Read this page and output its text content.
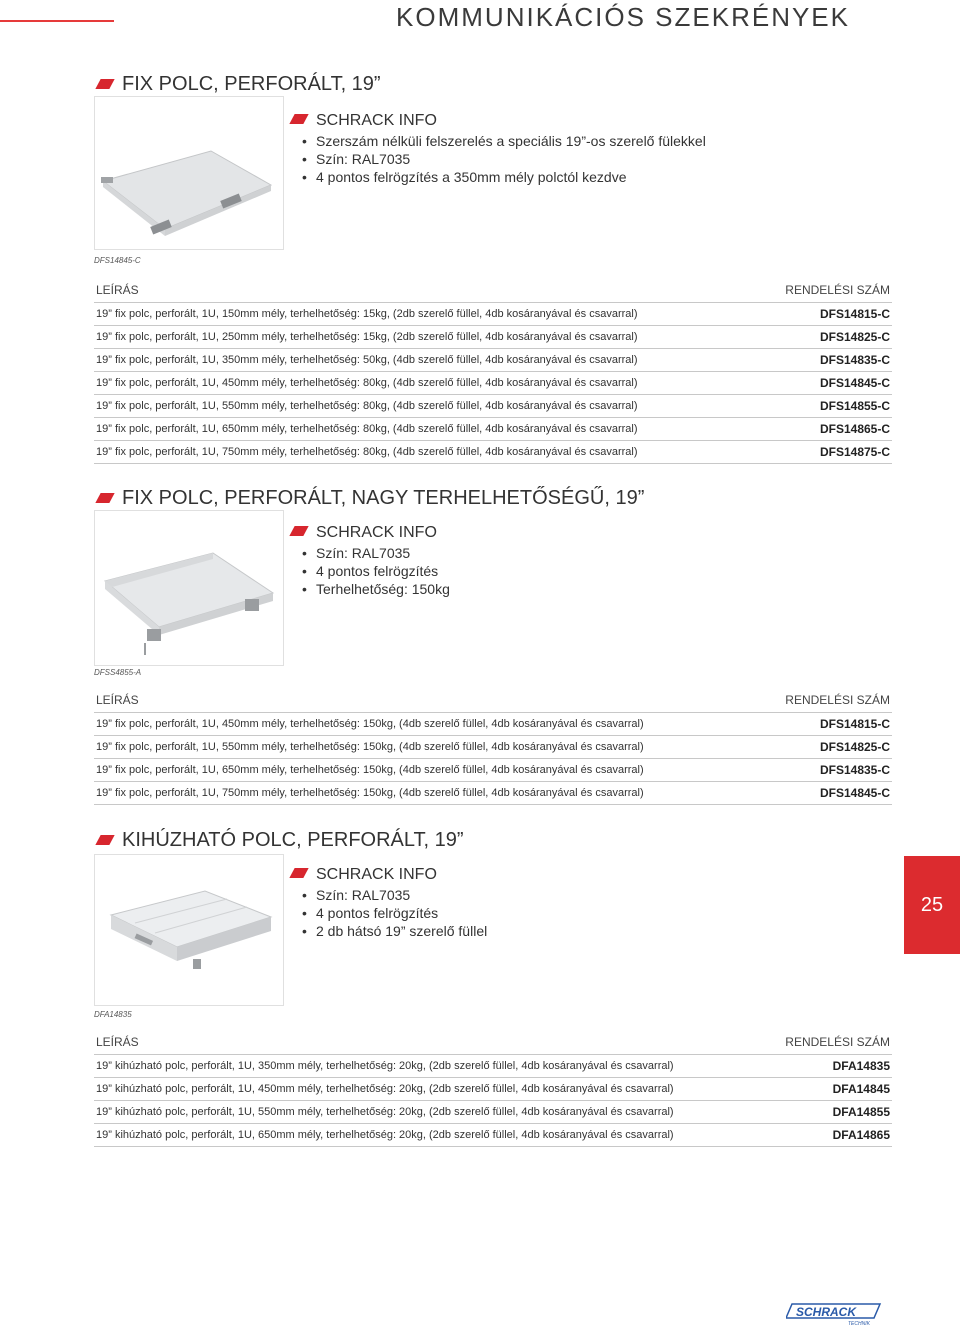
KOMMUNIKÁCIÓS SZEKRÉNYEK
FIX POLC, PERFORÁLT, 19”
SCHRACK INFO
• Szerszám nélküli felszerelés a speciális 19”-os szerelő fülekkel
• Szín: RAL7035
• 4 pontos felrögzítés a 350mm mély polctól kezdve
DFS14845-C
LEÍRÁS	RENDELÉSI SZÁM
19” fix polc, perforált, 1U, 150mm mély, terhelhetőség: 15kg, (2db szerelő füllel, 4db kosáranyával és csavarral)	DFS14815-C
19” fix polc, perforált, 1U, 250mm mély, terhelhetőség: 15kg, (2db szerelő füllel, 4db kosáranyával és csavarral)	DFS14825-C
19” fix polc, perforált, 1U, 350mm mély, terhelhetőség: 50kg, (4db szerelő füllel, 4db kosáranyával és csavarral)	DFS14835-C
19” fix polc, perforált, 1U, 450mm mély, terhelhetőség: 80kg, (4db szerelő füllel, 4db kosáranyával és csavarral)	DFS14845-C
19” fix polc, perforált, 1U, 550mm mély, terhelhetőség: 80kg, (4db szerelő füllel, 4db kosáranyával és csavarral)	DFS14855-C
19” fix polc, perforált, 1U, 650mm mély, terhelhetőség: 80kg, (4db szerelő füllel, 4db kosáranyával és csavarral)	DFS14865-C
19” fix polc, perforált, 1U, 750mm mély, terhelhetőség: 80kg, (4db szerelő füllel, 4db kosáranyával és csavarral)	DFS14875-C
FIX POLC, PERFORÁLT, NAGY TERHELHETŐSÉGŰ, 19”
SCHRACK INFO
• Szín: RAL7035
• 4 pontos felrögzítés
• Terhelhetőség: 150kg
DFSS4855-A
LEÍRÁS	RENDELÉSI SZÁM
19” fix polc, perforált, 1U, 450mm mély, terhelhetőség: 150kg, (4db szerelő füllel, 4db kosáranyával és csavarral)	DFS14815-C
19” fix polc, perforált, 1U, 550mm mély, terhelhetőség: 150kg, (4db szerelő füllel, 4db kosáranyával és csavarral)	DFS14825-C
19” fix polc, perforált, 1U, 650mm mély, terhelhetőség: 150kg, (4db szerelő füllel, 4db kosáranyával és csavarral)	DFS14835-C
19” fix polc, perforált, 1U, 750mm mély, terhelhetőség: 150kg, (4db szerelő füllel, 4db kosáranyával és csavarral)	DFS14845-C
KIHÚZHATÓ POLC, PERFORÁLT, 19”
SCHRACK INFO
• Szín: RAL7035
• 4 pontos felrögzítés
• 2 db hátsó 19” szerelő füllel
DFA14835
LEÍRÁS	RENDELÉSI SZÁM
19” kihúzható polc, perforált, 1U, 350mm mély, terhelhetőség: 20kg, (2db szerelő füllel, 4db kosáranyával és csavarral)	DFA14835
19” kihúzható polc, perforált, 1U, 450mm mély, terhelhetőség: 20kg, (2db szerelő füllel, 4db kosáranyával és csavarral)	DFA14845
19” kihúzható polc, perforált, 1U, 550mm mély, terhelhetőség: 20kg, (2db szerelő füllel, 4db kosáranyával és csavarral)	DFA14855
19” kihúzható polc, perforált, 1U, 650mm mély, terhelhetőség: 20kg, (2db szerelő füllel, 4db kosáranyával és csavarral)	DFA14865
25
SCHRACK
TECHNIK
